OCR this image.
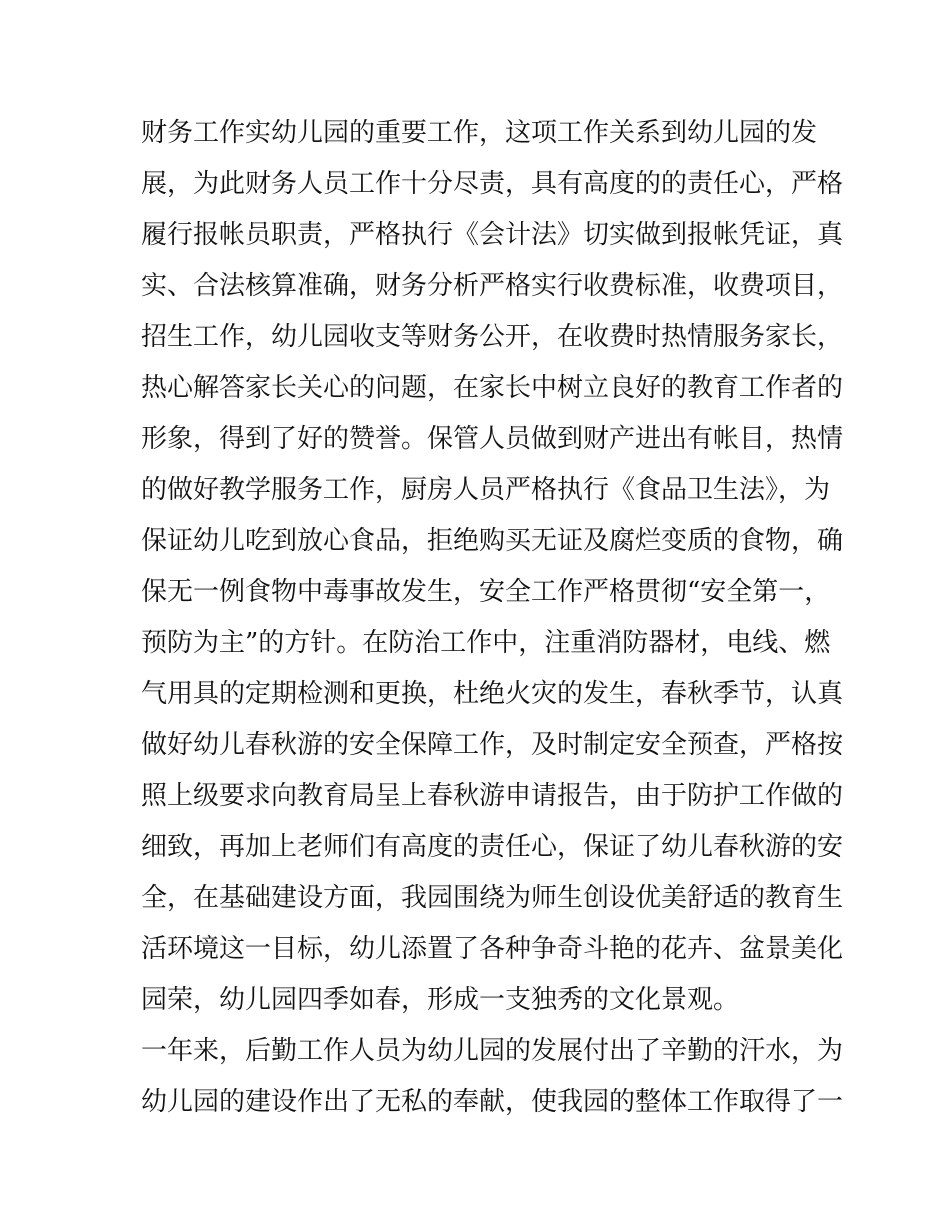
财务工作实幼儿园的重要工作，这项工作关系到幼儿园的发
展，为此财务人员工作十分尽责，具有高度的的责任心，严格
履行报帐员职责，严格执行《会计法》切实做到报帐凭证，真
实、合法核算准确，财务分析严格实行收费标准，收费项目，
招生工作，幼儿园收支等财务公开，在收费时热情服务家长，
热心解答家长关心的问题，在家长中树立良好的教育工作者的
形象，得到了好的赞誉。保管人员做到财产进出有帐目，热情
的做好教学服务工作，厨房人员严格执行《食品卫生法》，为
保证幼儿吃到放心食品，拒绝购买无证及腐烂变质的食物，确
保无一例食物中毒事故发生，安全工作严格贯彻“安全第一，
预防为主”的方针。在防治工作中，注重消防器材，电线、燃
气用具的定期检测和更换，杜绝火灾的发生，春秋季节，认真
做好幼儿春秋游的安全保障工作，及时制定安全预查，严格按
照上级要求向教育局呈上春秋游申请报告，由于防护工作做的
细致，再加上老师们有高度的责任心，保证了幼儿春秋游的安
全，在基础建设方面，我园围绕为师生创设优美舒适的教育生
活环境这一目标，幼儿添置了各种争奇斗艳的花卉、盆景美化
园荣，幼儿园四季如春，形成一支独秀的文化景观。
一年来，后勤工作人员为幼儿园的发展付出了辛勤的汗水，为
幼儿园的建设作出了无私的奉献，使我园的整体工作取得了一
